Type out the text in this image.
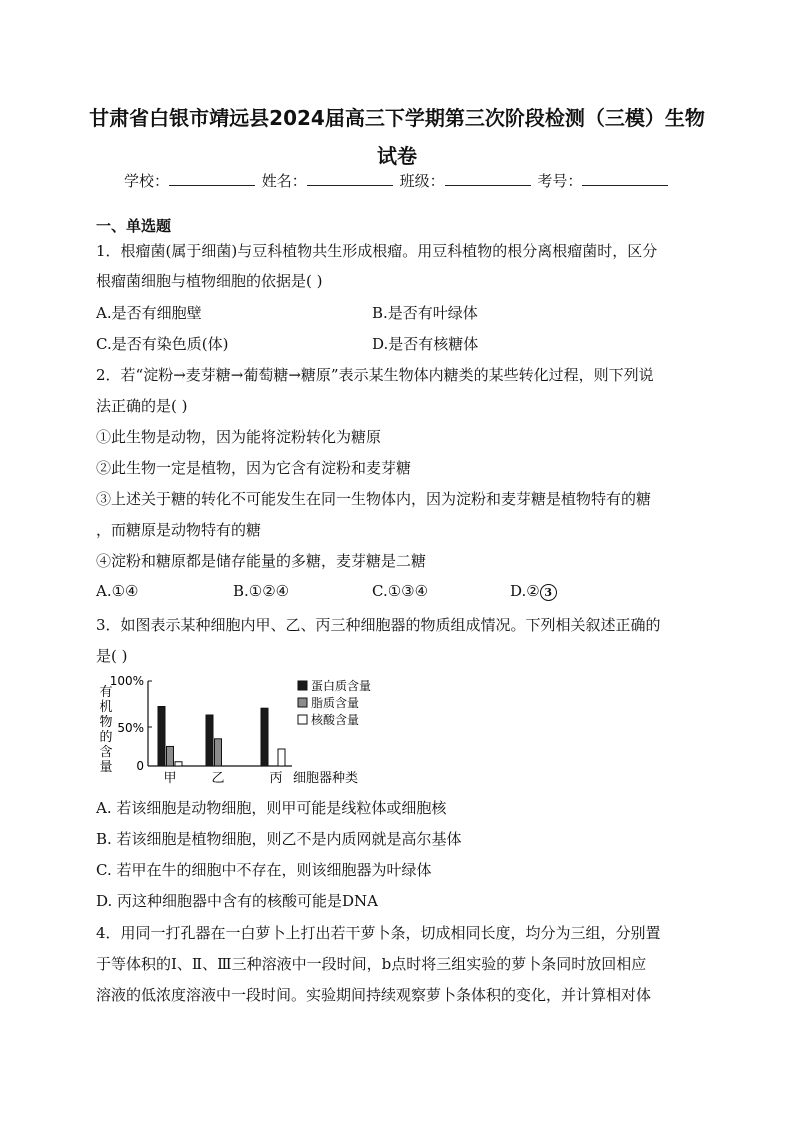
甘肃省白银市靖远县2024届高三下学期第三次阶段检测（三模）生物
试卷
学校：	姓名：	班级：	考号：
一、单选题
1．根瘤菌(属于细菌)与豆科植物共生形成根瘤。用豆科植物的根分离根瘤菌时，区分
根瘤菌细胞与植物细胞的依据是( )
A.是否有细胞壁	B.是否有叶绿体
C.是否有染色质(体)	D.是否有核糖体
2．若“淀粉→麦芽糖→葡萄糖→糖原”表示某生物体内糖类的某些转化过程，则下列说
法正确的是( )
①此生物是动物，因为能将淀粉转化为糖原
②此生物一定是植物，因为它含有淀粉和麦芽糖
③上述关于糖的转化不可能发生在同一生物体内，因为淀粉和麦芽糖是植物特有的糖
，而糖原是动物特有的糖
④淀粉和糖原都是储存能量的多糖，麦芽糖是二糖
A.①④	B.①②④	C.①③④	D.② 3
3．如图表示某种细胞内甲、乙、丙三种细胞器的物质组成情况。下列相关叙述正确的
是( )
有
机
物
的
含
量
100%
50%
0
甲	乙	丙 细胞器种类
蛋白质含量
脂质含量
核酸含量
A. 若该细胞是动物细胞，则甲可能是线粒体或细胞核
B. 若该细胞是植物细胞，则乙不是内质网就是高尔基体
C. 若甲在牛的细胞中不存在，则该细胞器为叶绿体
D. 丙这种细胞器中含有的核酸可能是DNA
4．用同一打孔器在一白萝卜上打出若干萝卜条，切成相同长度，均分为三组，分别置
于等体积的Ⅰ、Ⅱ、Ⅲ三种溶液中一段时间，b点时将三组实验的萝卜条同时放回相应
溶液的低浓度溶液中一段时间。实验期间持续观察萝卜条体积的变化，并计算相对体
